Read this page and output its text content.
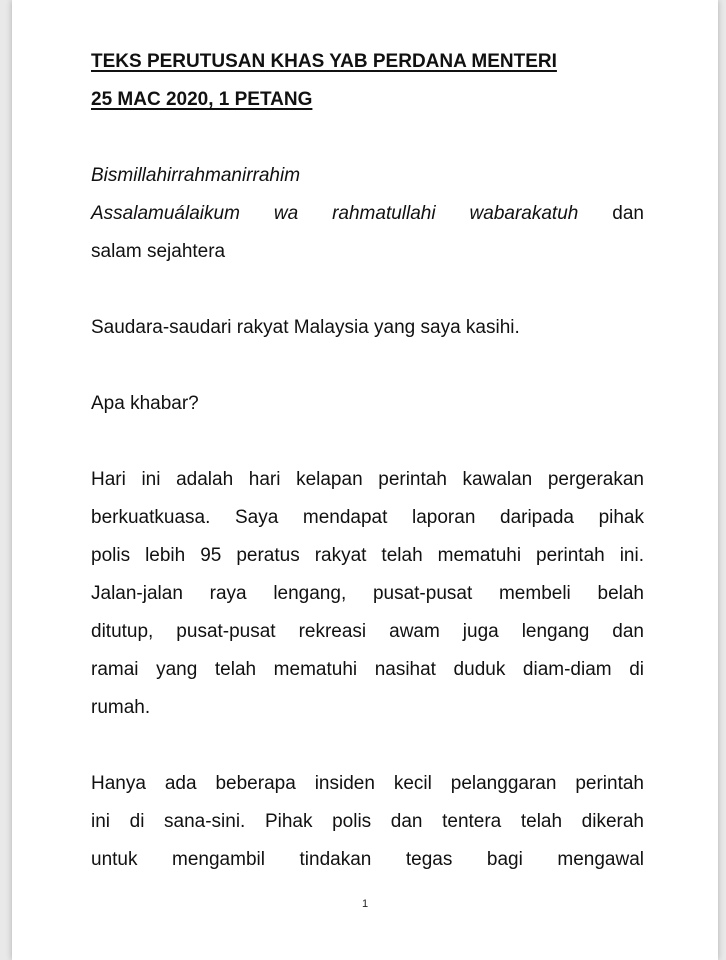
TEKS PERUTUSAN KHAS YAB PERDANA MENTERI

25 MAC 2020, 1 PETANG

Bismillahirrahmanirrahim
Assalamuálaikum wa rahmatullahi wabarakatuh dan
salam sejahtera

Saudara-saudari rakyat Malaysia yang saya kasihi.

Apa khabar?

Hari ini adalah hari kelapan perintah kawalan pergerakan
berkuatkuasa. Saya mendapat laporan daripada pihak
polis lebih 95 peratus rakyat telah mematuhi perintah ini.
Jalan-jalan raya lengang, pusat-pusat membeli belah
ditutup, pusat-pusat rekreasi awam juga lengang dan
ramai yang telah mematuhi nasihat duduk diam-diam di
rumah.

Hanya ada beberapa insiden kecil pelanggaran perintah
ini di sana-sini. Pihak polis dan tentera telah dikerah
untuk mengambil tindakan tegas bagi mengawal

1
